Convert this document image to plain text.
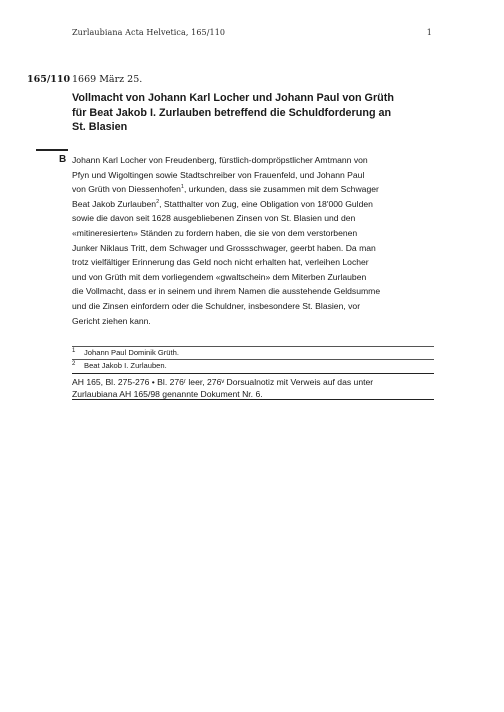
Zurlaubiana Acta Helvetica, 165/110	1
165/110 1669 März 25.
Vollmacht von Johann Karl Locher und Johann Paul von Grüth
für Beat Jakob I. Zurlauben betreffend die Schuldforderung an
St. Blasien
B Johann Karl Locher von Freudenberg, fürstlich-dompröpstlicher Amtmann von
Pfyn und Wigoltingen sowie Stadtschreiber von Frauenfeld, und Johann Paul
von Grüth von Diessenhofen$^1$, urkunden, dass sie zusammen mit dem Schwager
Beat Jakob Zurlauben$^2$, Statthalter von Zug, eine Obligation von 18'000 Gulden
sowie die davon seit 1628 ausgebliebenen Zinsen von St. Blasien und den
«mitineresierten» Ständen zu fordern haben, die sie von dem verstorbenen
Junker Niklaus Tritt, dem Schwager und Grossschwager, geerbt haben. Da man
trotz vielfältiger Erinnerung das Geld noch nicht erhalten hat, verleihen Locher
und von Grüth mit dem vorliegendem «gwaltschein» dem Miterben Zurlauben
die Vollmacht, dass er in seinem und ihrem Namen die ausstehende Geldsumme
und die Zinsen einfordern oder die Schuldner, insbesondere St. Blasien, vor
Gericht ziehen kann.
1 Johann Paul Dominik Grüth.
2 Beat Jakob I. Zurlauben.
AH 165, Bl. 275-276 • Bl. 276ʳ leer, 276ᵛ Dorsualnotiz mit Verweis auf das unter
Zurlaubiana AH 165/98 genannte Dokument Nr. 6.
